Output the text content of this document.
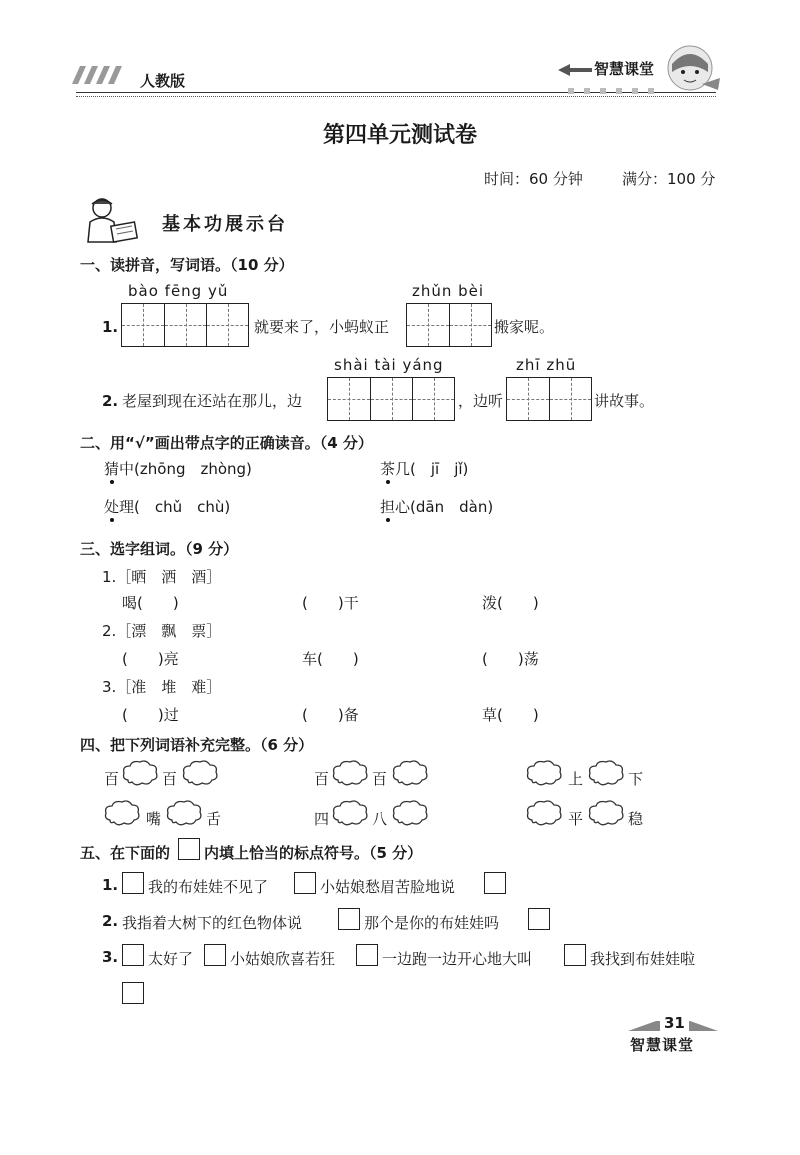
人教版
智慧课堂
第四单元测试卷
时间：60 分钟	满分：100 分
基本功展示台
一、读拼音，写词语。（10 分）
bào fēng yǔ	zhǔn bèi
1.	就要来了，小蚂蚁正	搬家呢。
shài tài yáng	zhī zhū
2. 老屋到现在还站在那儿，边	，边听	讲故事。
二、用“√”画出带点字的正确读音。（4 分）
猜中(zhōng　zhòng)	茶几(　jī　jǐ)
处理(　chǔ　chù)	担心(dān　dàn)
三、选字组词。（9 分）
1.［晒　洒　酒］
喝(　　)	(　　)干	泼(　　)
2.［漂　飘　票］
(　　)亮	车(　　)	(　　)荡
3.［准　堆　难］
(　　)过	(　　)备	草(　　)
四、把下列词语补充完整。（6 分）
百	百	百	百	上	下
嘴	舌	四	八	平	稳
五、在下面的 内填上恰当的标点符号。（5 分）
1. 我的布娃娃不见了	小姑娘愁眉苦脸地说
2. 我指着大树下的红色物体说	那个是你的布娃娃吗
3. 太好了 小姑娘欣喜若狂	一边跑一边开心地大叫	我找到布娃娃啦
31
智慧课堂
